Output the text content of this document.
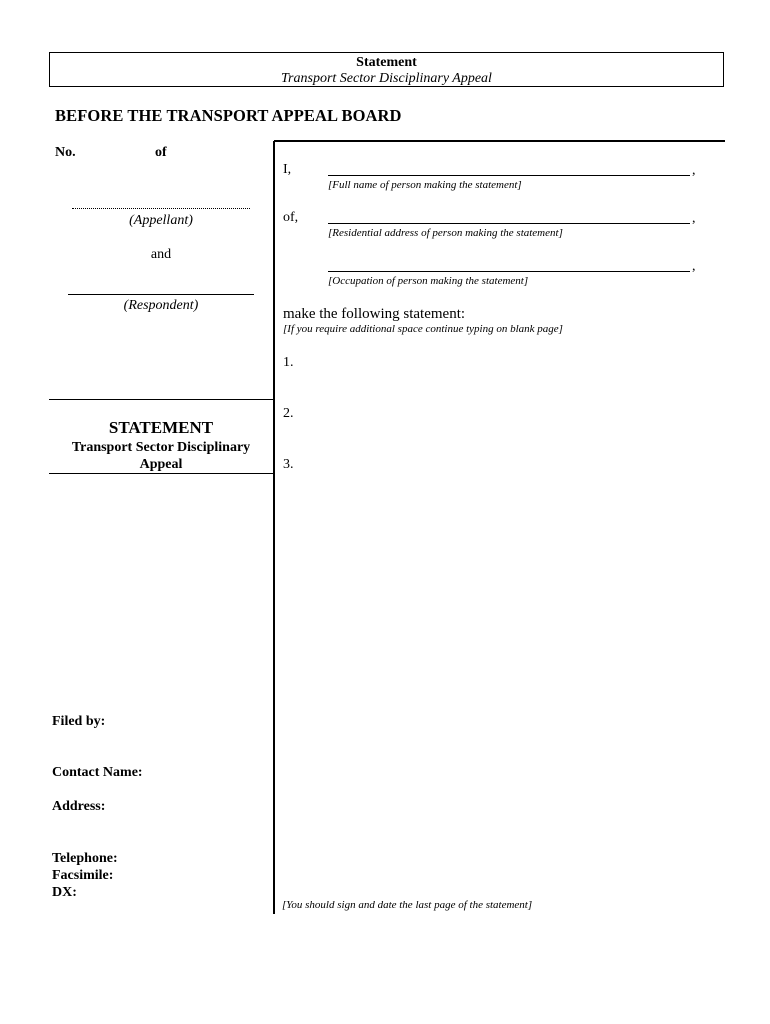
Statement
Transport Sector Disciplinary Appeal
BEFORE THE TRANSPORT APPEAL BOARD
No.	of
(Appellant)
and
(Respondent)
STATEMENT
Transport Sector Disciplinary
Appeal
Filed by:
Contact Name:
Address:
Telephone:
Facsimile:
DX:
I,	,
[Full name of person making the statement]
of,	,
[Residential address of person making the statement]
,
[Occupation of person making the statement]
make the following statement:
[If you require additional space continue typing on blank page]
1.
2.
3.
[You should sign and date the last page of the statement]
